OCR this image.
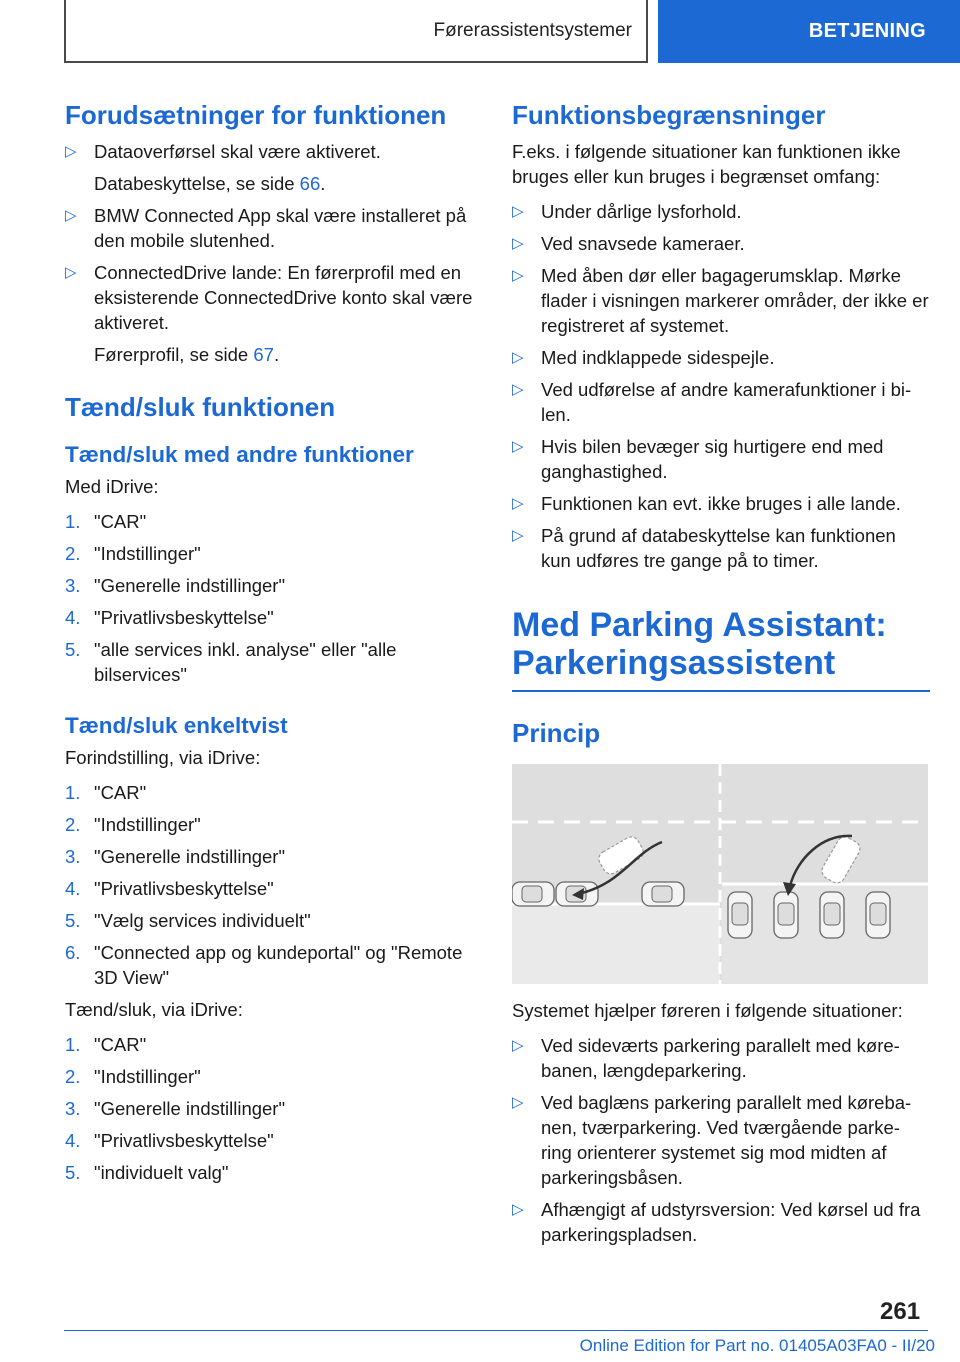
Førerassistentsystemer	BETJENING
Forudsætninger for funktionen
▷ Dataoverførsel skal være aktiveret.
Databeskyttelse, se side 66.
▷ BMW Connected App skal være installeret på den mobile slutenhed.
▷ ConnectedDrive lande: En førerprofil med en eksisterende ConnectedDrive konto skal være aktiveret.
Førerprofil, se side 67.
Tænd/sluk funktionen
Tænd/sluk med andre funktioner

Med iDrive:

1. "CAR"
2. "Indstillinger"
3. "Generelle indstillinger"
4. "Privatlivsbeskyttelse"
5. "alle services inkl. analyse" eller "alle bilservices"
Tænd/sluk enkeltvist

Forindstilling, via iDrive:

1. "CAR"
2. "Indstillinger"
3. "Generelle indstillinger"
4. "Privatlivsbeskyttelse"
5. "Vælg services individuelt"
6. "Connected app og kundeportal" og "Remote 3D View"

Tænd/sluk, via iDrive:

1. "CAR"
2. "Indstillinger"
3. "Generelle indstillinger"
4. "Privatlivsbeskyttelse"
5. "individuelt valg"
Funktionsbegrænsninger

F.eks. i følgende situationer kan funktionen ikke bruges eller kun bruges i begrænset omfang:

▷ Under dårlige lysforhold.
▷ Ved snavsede kameraer.
▷ Med åben dør eller bagagerumsklap. Mørke flader i visningen markerer områder, der ikke er registreret af systemet.
▷ Med indklappede sidespejle.
▷ Ved udførelse af andre kamerafunktioner i bi-len.
▷ Hvis bilen bevæger sig hurtigere end med ganghastighed.
▷ Funktionen kan evt. ikke bruges i alle lande.
▷ På grund af databeskyttelse kan funktionen kun udføres tre gange på to timer.
Med Parking Assistant: Parkeringsassistent
Princip

Systemet hjælper føreren i følgende situationer:

▷ Ved sideværts parkering parallelt med køre-banen, længdeparkering.
▷ Ved baglæns parkering parallelt med køreba-nen, tværparkering. Ved tværgående parke-ring orienterer systemet sig mod midten af parkeringsbåsen.
▷ Afhængigt af udstyrsversion: Ved kørsel ud fra parkeringspladsen.
261
Online Edition for Part no. 01405A03FA0 - II/20
